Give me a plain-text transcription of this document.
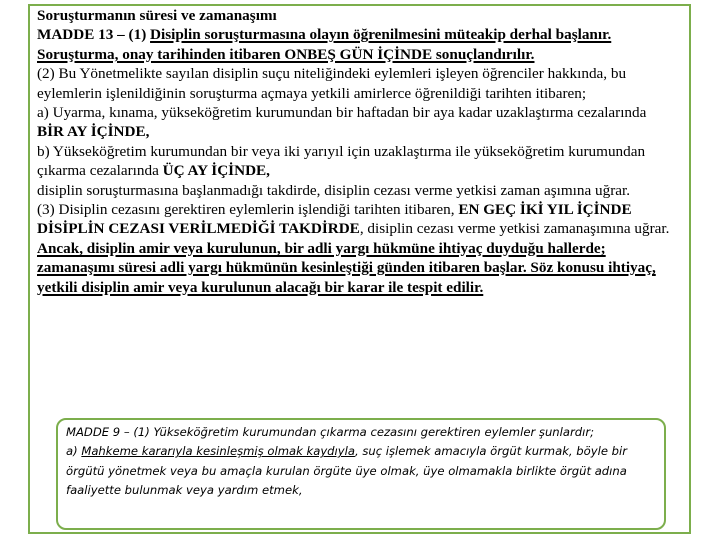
Soruşturmanın süresi ve zamanaşımı

MADDE 13 – (1) Disiplin soruşturmasına olayın öğrenilmesini müteakip derhal başlanır. Soruşturma, onay tarihinden itibaren ONBEŞ GÜN İÇİNDE sonuçlandırılır.

(2) Bu Yönetmelikte sayılan disiplin suçu niteliğindeki eylemleri işleyen öğrenciler hakkında, bu eylemlerin işlenildiğinin soruşturma açmaya yetkili amirlerce öğrenildiği tarihten itibaren;

a) Uyarma, kınama, yükseköğretim kurumundan bir haftadan bir aya kadar uzaklaştırma cezalarında BİR AY İÇİNDE,

b) Yükseköğretim kurumundan bir veya iki yarıyıl için uzaklaştırma ile yükseköğretim kurumundan çıkarma cezalarında ÜÇ AY İÇİNDE,

disiplin soruşturmasına başlanmadığı takdirde, disiplin cezası verme yetkisi zaman aşımına uğrar.

(3) Disiplin cezasını gerektiren eylemlerin işlendiği tarihten itibaren, EN GEÇ İKİ YIL İÇİNDE DİSİPLİN CEZASI VERİLMEDİĞİ TAKDİRDE, disiplin cezası verme yetkisi zamanaşımına uğrar. Ancak, disiplin amir veya kurulunun, bir adli yargı hükmüne ihtiyaç duyduğu hallerde; zamanaşımı süresi adli yargı hükmünün kesinleştiği günden itibaren başlar. Söz konusu ihtiyaç, yetkili disiplin amir veya kurulunun alacağı bir karar ile tespit edilir.

MADDE 9 – (1) Yükseköğretim kurumundan çıkarma cezasını gerektiren eylemler şunlardır;

a) Mahkeme kararıyla kesinleşmiş olmak kaydıyla, suç işlemek amacıyla örgüt kurmak, böyle bir örgütü yönetmek veya bu amaçla kurulan örgüte üye olmak, üye olmamakla birlikte örgüt adına faaliyette bulunmak veya yardım etmek,
